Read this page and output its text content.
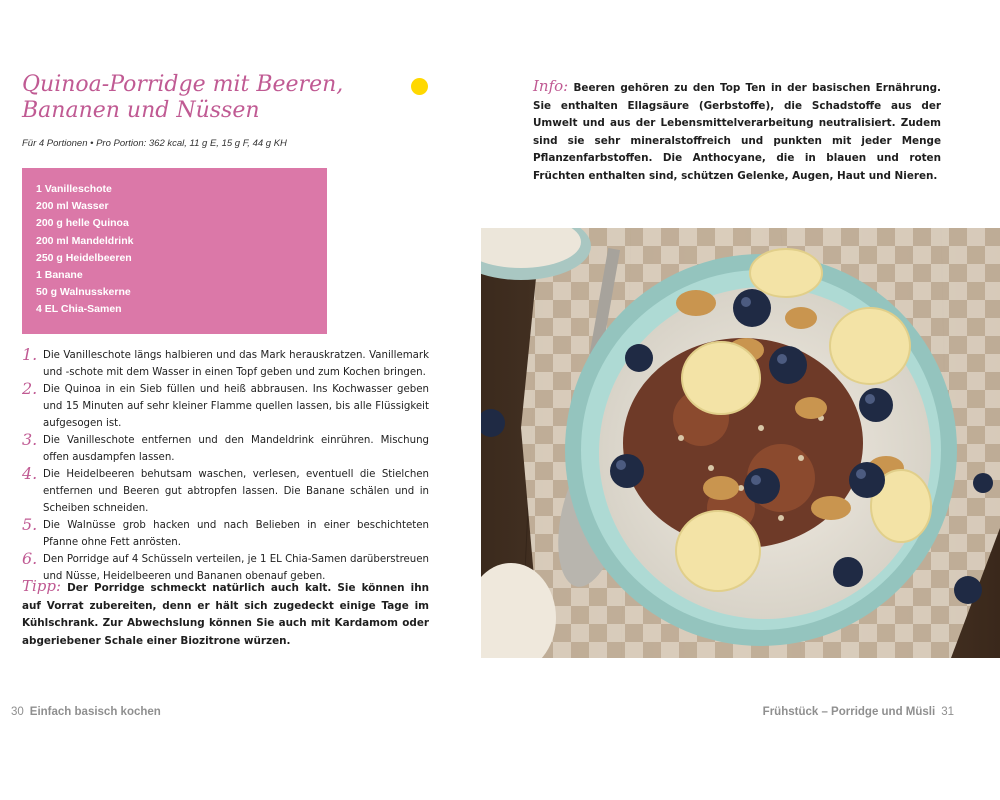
Quinoa-Porridge mit Beeren, Bananen und Nüssen
Für 4 Portionen • Pro Portion: 362 kcal, 11 g E, 15 g F, 44 g KH
1 Vanilleschote
200 ml Wasser
200 g helle Quinoa
200 ml Mandeldrink
250 g Heidelbeeren
1 Banane
50 g Walnusskerne
4 EL Chia-Samen
1. Die Vanilleschote längs halbieren und das Mark herauskratzen. Vanillemark und -schote mit dem Wasser in einen Topf geben und zum Kochen bringen.
2. Die Quinoa in ein Sieb füllen und heiß abbrausen. Ins Kochwasser geben und 15 Minuten auf sehr kleiner Flamme quellen lassen, bis alle Flüssigkeit aufgesogen ist.
3. Die Vanilleschote entfernen und den Mandeldrink einrühren. Mischung offen ausdampfen lassen.
4. Die Heidelbeeren behutsam waschen, verlesen, eventuell die Stielchen entfernen und Beeren gut abtropfen lassen. Die Banane schälen und in Scheiben schneiden.
5. Die Walnüsse grob hacken und nach Belieben in einer beschichteten Pfanne ohne Fett anrösten.
6. Den Porridge auf 4 Schüsseln verteilen, je 1 EL Chia-Samen darüberstreuen und Nüsse, Heidelbeeren und Bananen obenauf geben.

Tipp: Der Porridge schmeckt natürlich auch kalt. Sie können ihn auf Vorrat zubereiten, denn er hält sich zugedeckt einige Tage im Kühlschrank. Zur Abwechslung können Sie auch mit Kardamom oder abgeriebener Schale einer Biozitrone würzen.

Info: Beeren gehören zu den Top Ten in der basischen Ernährung. Sie enthalten Ellagsäure (Gerbstoffe), die Schadstoffe aus der Umwelt und aus der Lebensmittelverarbeitung neutralisiert. Zudem sind sie sehr mineralstoffreich und punkten mit jeder Menge Pflanzenfarbstoffen. Die Anthocyane, die in blauen und roten Früchten enthalten sind, schützen Gelenke, Augen, Haut und Nieren.

30 Einfach basisch kochen	Frühstück – Porridge und Müsli 31
